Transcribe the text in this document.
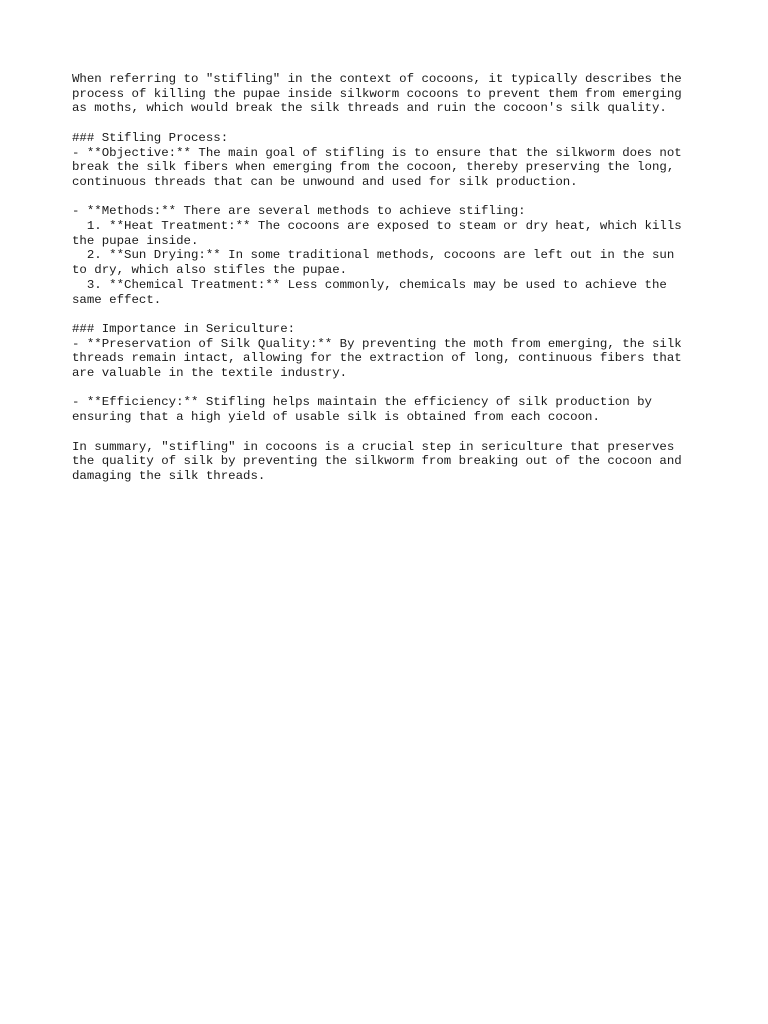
When referring to "stifling" in the context of cocoons, it typically describes the
process of killing the pupae inside silkworm cocoons to prevent them from emerging
as moths, which would break the silk threads and ruin the cocoon's silk quality.
### Stifling Process:
- **Objective:** The main goal of stifling is to ensure that the silkworm does not
break the silk fibers when emerging from the cocoon, thereby preserving the long,
continuous threads that can be unwound and used for silk production.
- **Methods:** There are several methods to achieve stifling:
1. **Heat Treatment:** The cocoons are exposed to steam or dry heat, which kills
the pupae inside.
2. **Sun Drying:** In some traditional methods, cocoons are left out in the sun
to dry, which also stifles the pupae.
3. **Chemical Treatment:** Less commonly, chemicals may be used to achieve the
same effect.
### Importance in Sericulture:
- **Preservation of Silk Quality:** By preventing the moth from emerging, the silk
threads remain intact, allowing for the extraction of long, continuous fibers that
are valuable in the textile industry.
- **Efficiency:** Stifling helps maintain the efficiency of silk production by
ensuring that a high yield of usable silk is obtained from each cocoon.
In summary, "stifling" in cocoons is a crucial step in sericulture that preserves
the quality of silk by preventing the silkworm from breaking out of the cocoon and
damaging the silk threads.
